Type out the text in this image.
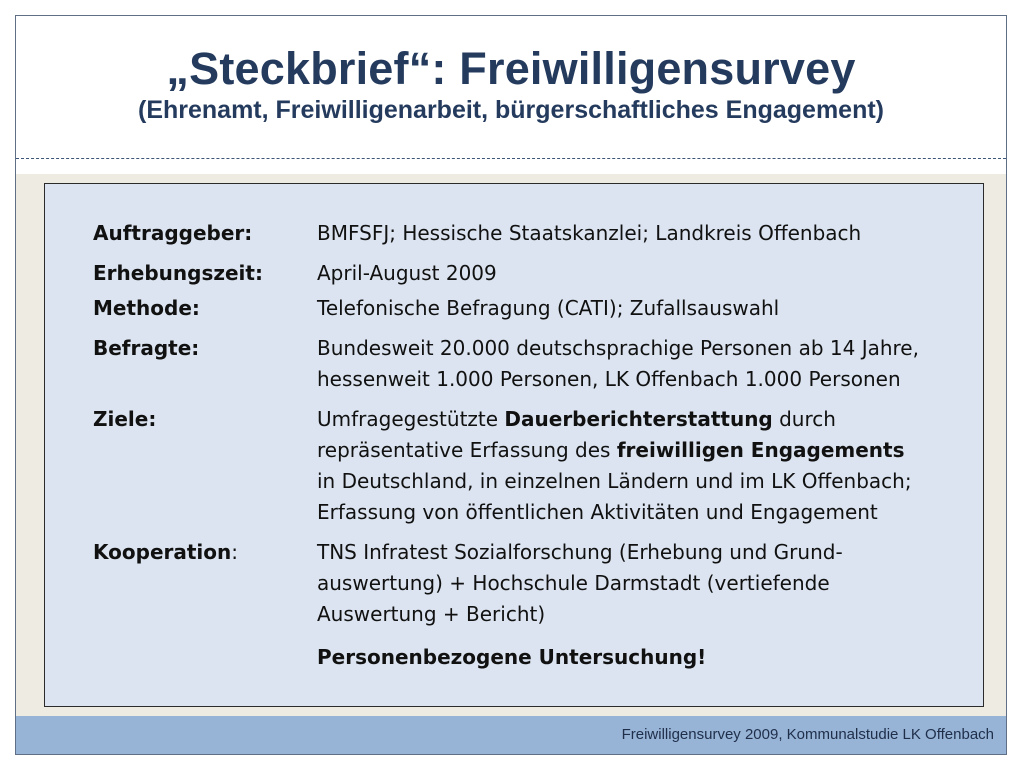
„Steckbrief“: Freiwilligensurvey
(Ehrenamt, Freiwilligenarbeit, bürgerschaftliches Engagement)
Auftraggeber:	BMFSFJ; Hessische Staatskanzlei; Landkreis Offenbach
Erhebungszeit:	April-August 2009
Methode:	Telefonische Befragung (CATI); Zufallsauswahl
Befragte:	Bundesweit 20.000 deutschsprachige Personen ab 14 Jahre,
hessenweit 1.000 Personen, LK Offenbach 1.000 Personen
Ziele:	Umfragegestützte Dauerberichterstattung durch
repräsentative Erfassung des freiwilligen Engagements
in Deutschland, in einzelnen Ländern und im LK Offenbach;
Erfassung von öffentlichen Aktivitäten und Engagement
Kooperation:	TNS Infratest Sozialforschung (Erhebung und Grund-
auswertung) + Hochschule Darmstadt (vertiefende
Auswertung + Bericht)
Personenbezogene Untersuchung!
Freiwilligensurvey 2009, Kommunalstudie LK Offenbach
